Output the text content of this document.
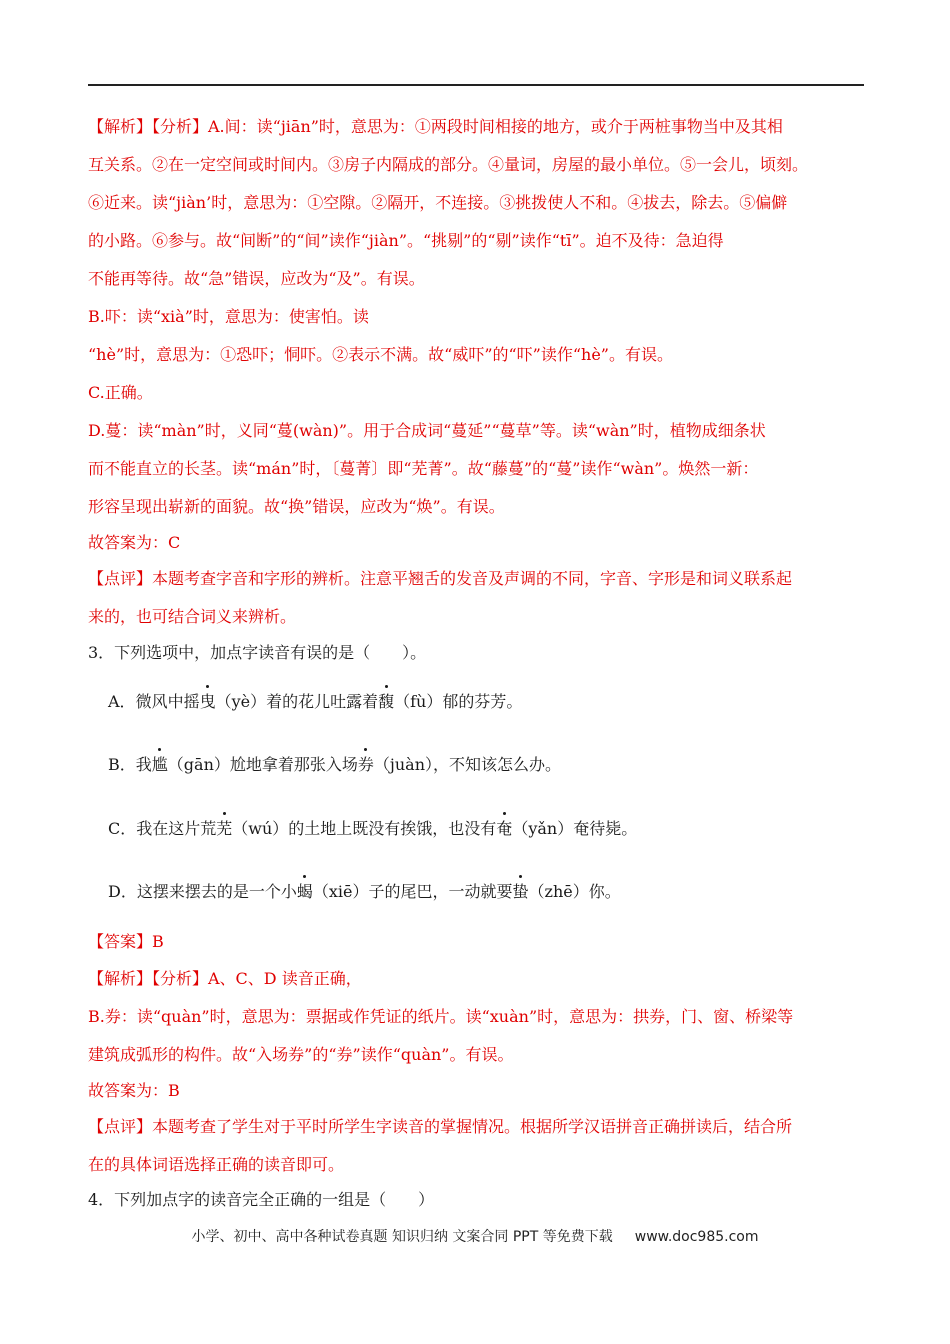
【解析】【分析】A.间：读“jiān”时，意思为：①两段时间相接的地方，或介于两桩事物当中及其相
互关系。②在一定空间或时间内。③房子内隔成的部分。④量词，房屋的最小单位。⑤一会儿，顷刻。
⑥近来。读“jiàn’时，意思为：①空隙。②隔开，不连接。③挑拨使人不和。④拔去，除去。⑤偏僻
的小路。⑥参与。故“间断”的“间”读作“jiàn”。“挑剔”的“剔”读作“tī”。迫不及待：急迫得
不能再等待。故“急”错误，应改为“及”。有误。
B.吓：读“xià”时，意思为：使害怕。读
“hè”时，意思为：①恐吓；恫吓。②表示不满。故“威吓”的“吓”读作“hè”。有误。
C.正确。
D.蔓：读“màn”时，义同“蔓(wàn)”。用于合成词“蔓延”“蔓草”等。读“wàn”时，植物成细条状
而不能直立的长茎。读“mán”时，〔蔓菁〕即“芜菁”。故“藤蔓”的“蔓”读作“wàn”。焕然一新：
形容呈现出崭新的面貌。故“换”错误，应改为“焕”。有误。
故答案为：C
【点评】本题考查字音和字形的辨析。注意平翘舌的发音及声调的不同，字音、字形是和词义联系起
来的，也可结合词义来辨析。
3．下列选项中，加点字读音有误的是（　　）。
A．微风中摇曳（yè）着的花儿吐露着馥（fù）郁的芬芳。
B．我尴（gān）尬地拿着那张入场券（juàn），不知该怎么办。
C．我在这片荒芜（wú）的土地上既没有挨饿，也没有奄（yǎn）奄待毙。
D．这摆来摆去的是一个小蝎（xiē）子的尾巴，一动就要蛰（zhē）你。
【答案】B
【解析】【分析】A、C、D 读音正确，
B.券：读“quàn”时，意思为：票据或作凭证的纸片。读“xuàn”时，意思为：拱券，门、窗、桥梁等
建筑成弧形的构件。故“入场券”的“券”读作“quàn”。有误。
故答案为：B
【点评】本题考查了学生对于平时所学生字读音的掌握情况。根据所学汉语拼音正确拼读后，结合所
在的具体词语选择正确的读音即可。
4．下列加点字的读音完全正确的一组是（　　）
小学、初中、高中各种试卷真题 知识归纳 文案合同 PPT 等免费下载 www.doc985.com
